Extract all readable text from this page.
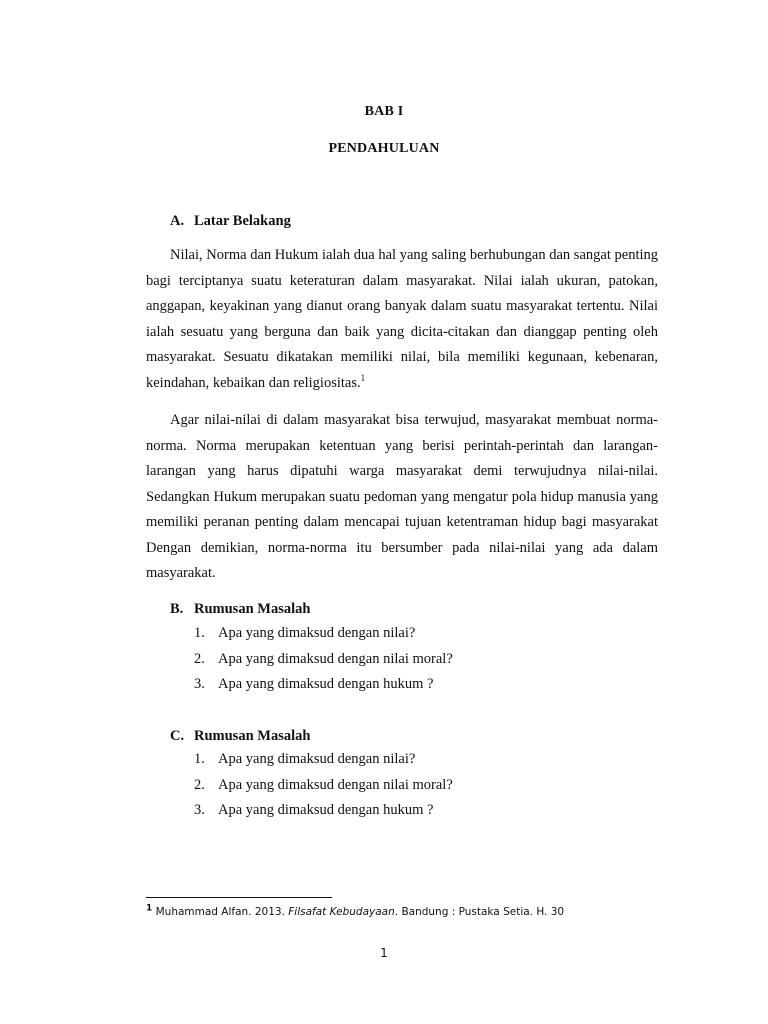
BAB I
PENDAHULUAN
A. Latar Belakang

Nilai, Norma dan Hukum ialah dua hal yang saling berhubungan dan sangat penting bagi terciptanya suatu keteraturan dalam masyarakat. Nilai ialah ukuran, patokan, anggapan, keyakinan yang dianut orang banyak dalam suatu masyarakat tertentu. Nilai ialah sesuatu yang berguna dan baik yang dicita-citakan dan dianggap penting oleh masyarakat. Sesuatu dikatakan memiliki nilai, bila memiliki kegunaan, kebenaran, keindahan, kebaikan dan religiositas.$^1$

Agar nilai-nilai di dalam masyarakat bisa terwujud, masyarakat membuat norma-norma. Norma merupakan ketentuan yang berisi perintah-perintah dan larangan-larangan yang harus dipatuhi warga masyarakat demi terwujudnya nilai-nilai. Sedangkan Hukum merupakan suatu pedoman yang mengatur pola hidup manusia yang memiliki peranan penting dalam mencapai tujuan ketentraman hidup bagi masyarakat Dengan demikian, norma-norma itu bersumber pada nilai-nilai yang ada dalam masyarakat.

B. Rumusan Masalah
1. Apa yang dimaksud dengan nilai?
2. Apa yang dimaksud dengan nilai moral?
3. Apa yang dimaksud dengan hukum ?
C. Rumusan Masalah
1. Apa yang dimaksud dengan nilai?
2. Apa yang dimaksud dengan nilai moral?
3. Apa yang dimaksud dengan hukum ?
$^1$ Muhammad Alfan. 2013. Filsafat Kebudayaan. Bandung : Pustaka Setia. H. 30
1
